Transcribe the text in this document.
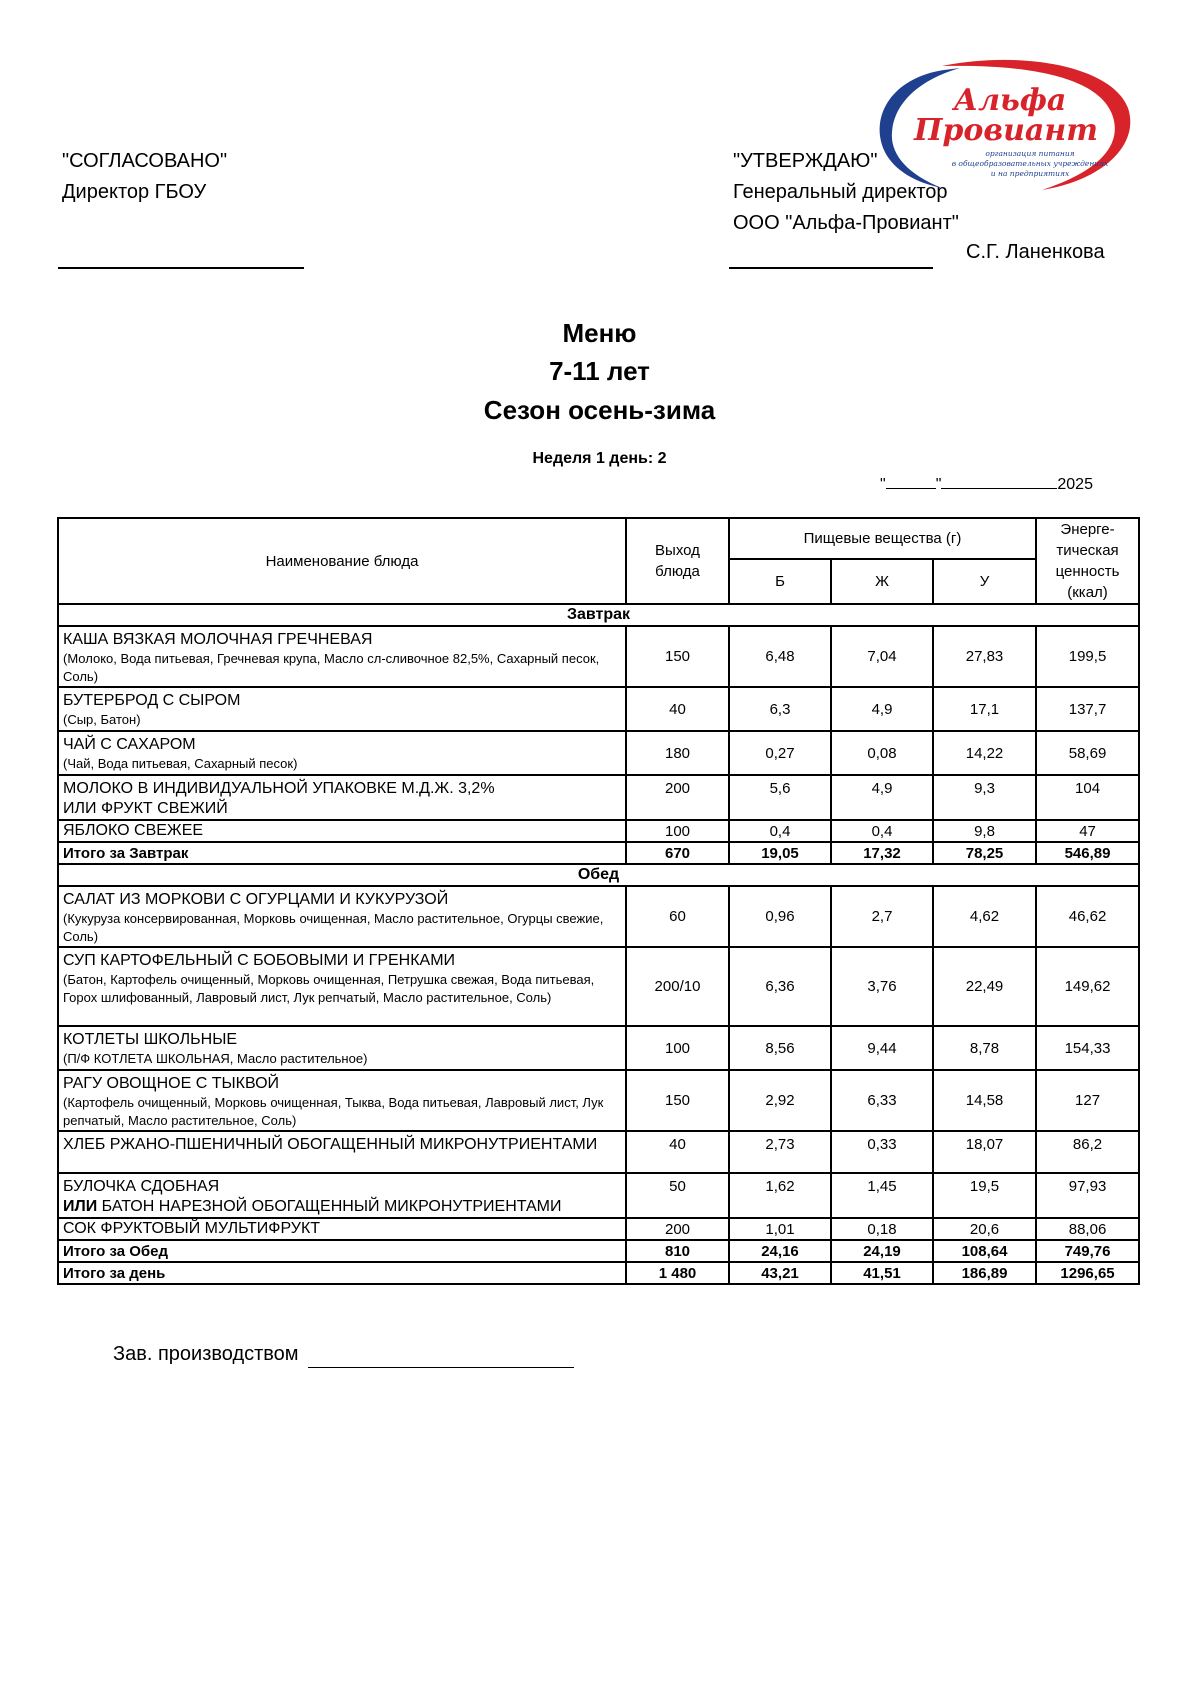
"СОГЛАСОВАНО"
Директор ГБОУ
"УТВЕРЖДАЮ"
Генеральный директор
ООО "Альфа-Провиант"
С.Г. Ланенкова
Альфа
Провиант
организация питания
в общеобразовательных учреждениях
и на предприятиях
Меню
7-11 лет
Сезон осень-зима
Неделя 1 день: 2
"	"	2025
Наименование блюда	Выход блюда	Пищевые вещества (г)			Энерге-тическая ценность (ккал)
		Б	Ж	У	
Завтрак					

КАША ВЯЗКАЯ МОЛОЧНАЯ ГРЕЧНЕВАЯ
(Молоко, Вода питьевая, Гречневая крупа, Масло сл-сливочное 82,5%, Сахарный песок, Соль)	150	6,48	7,04	27,83	199,5

БУТЕРБРОД С СЫРОМ
(Сыр, Батон)	40	6,3	4,9	17,1	137,7

ЧАЙ С САХАРОМ
(Чай, Вода питьевая, Сахарный песок)	180	0,27	0,08	14,22	58,69

МОЛОКО В ИНДИВИДУАЛЬНОЙ УПАКОВКЕ М.Д.Ж. 3,2%
ИЛИ ФРУКТ СВЕЖИЙ	200	5,6	4,9	9,3	104

ЯБЛОКО СВЕЖЕЕ	100	0,4	0,4	9,8	47
Итого за Завтрак	670	19,05	17,32	78,25	546,89
Обед					

САЛАТ ИЗ МОРКОВИ С ОГУРЦАМИ И КУКУРУЗОЙ
(Кукуруза консервированная, Морковь очищенная, Масло растительное, Огурцы свежие, Соль)	60	0,96	2,7	4,62	46,62

СУП КАРТОФЕЛЬНЫЙ С БОБОВЫМИ И ГРЕНКАМИ
(Батон, Картофель очищенный, Морковь очищенная, Петрушка свежая, Вода питьевая, Горох шлифованный, Лавровый лист, Лук репчатый, Масло растительное, Соль)	200/10	6,36	3,76	22,49	149,62

КОТЛЕТЫ ШКОЛЬНЫЕ
(П/Ф КОТЛЕТА ШКОЛЬНАЯ, Масло растительное)	100	8,56	9,44	8,78	154,33

РАГУ ОВОЩНОЕ С ТЫКВОЙ
(Картофель очищенный, Морковь очищенная, Тыква, Вода питьевая, Лавровый лист, Лук репчатый, Масло растительное, Соль)	150	2,92	6,33	14,58	127

ХЛЕБ РЖАНО-ПШЕНИЧНЫЙ ОБОГАЩЕННЫЙ МИКРОНУТРИЕНТАМИ	40	2,73	0,33	18,07	86,2

БУЛОЧКА СДОБНАЯ
ИЛИ БАТОН НАРЕЗНОЙ ОБОГАЩЕННЫЙ МИКРОНУТРИЕНТАМИ	50	1,62	1,45	19,5	97,93

СОК ФРУКТОВЫЙ МУЛЬТИФРУКТ	200	1,01	0,18	20,6	88,06
Итого за Обед	810	24,16	24,19	108,64	749,76
Итого за день	1 480	43,21	41,51	186,89	1296,65
Зав. производством
